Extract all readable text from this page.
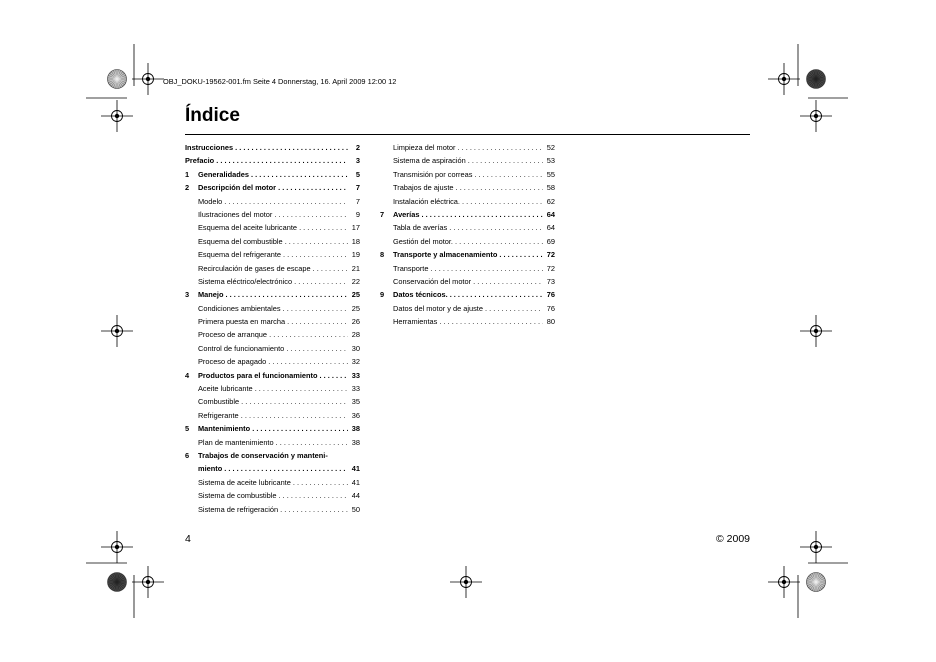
OBJ_DOKU-19562-001.fm Seite 4 Donnerstag, 16. April 2009 12:00 12
Índice
Instrucciones . . .	2
Prefacio . . .	3
1	Generalidades . . .	5
2	Descripción del motor . . .	7
Modelo . . .	7
Ilustraciones del motor . . .	9
Esquema del aceite lubricante . . .	17
Esquema del combustible . . .	18
Esquema del refrigerante . . .	19
Recirculación de gases de escape . . .	21
Sistema eléctrico/electrónico . . .	22
3	Manejo . . .	25
Condiciones ambientales . . .	25
Primera puesta en marcha . . .	26
Proceso de arranque . . .	28
Control de funcionamiento . . .	30
Proceso de apagado . . .	32
4	Productos para el funcionamiento . . .	33
Aceite lubricante . . .	33
Combustible . . .	35
Refrigerante . . .	36
5	Mantenimiento . . .	38
Plan de mantenimiento . . .	38
6	Trabajos de conservación y manteni-
miento . . .	41
Sistema de aceite lubricante . . .	41
Sistema de combustible . . .	44
Sistema de refrigeración . . .	50
Limpieza del motor . . .	52
Sistema de aspiración . . .	53
Transmisión por correas . . .	55
Trabajos de ajuste . . .	58
Instalación eléctrica. . . .	62
7	Averías . . .	64
Tabla de averías . . .	64
Gestión del motor. . . .	69
8	Transporte y almacenamiento . . .	72
Transporte . . .	72
Conservación del motor . . .	73
9	Datos técnicos. . . .	76
Datos del motor y de ajuste . . .	76
Herramientas . . .	80
4	© 2009
